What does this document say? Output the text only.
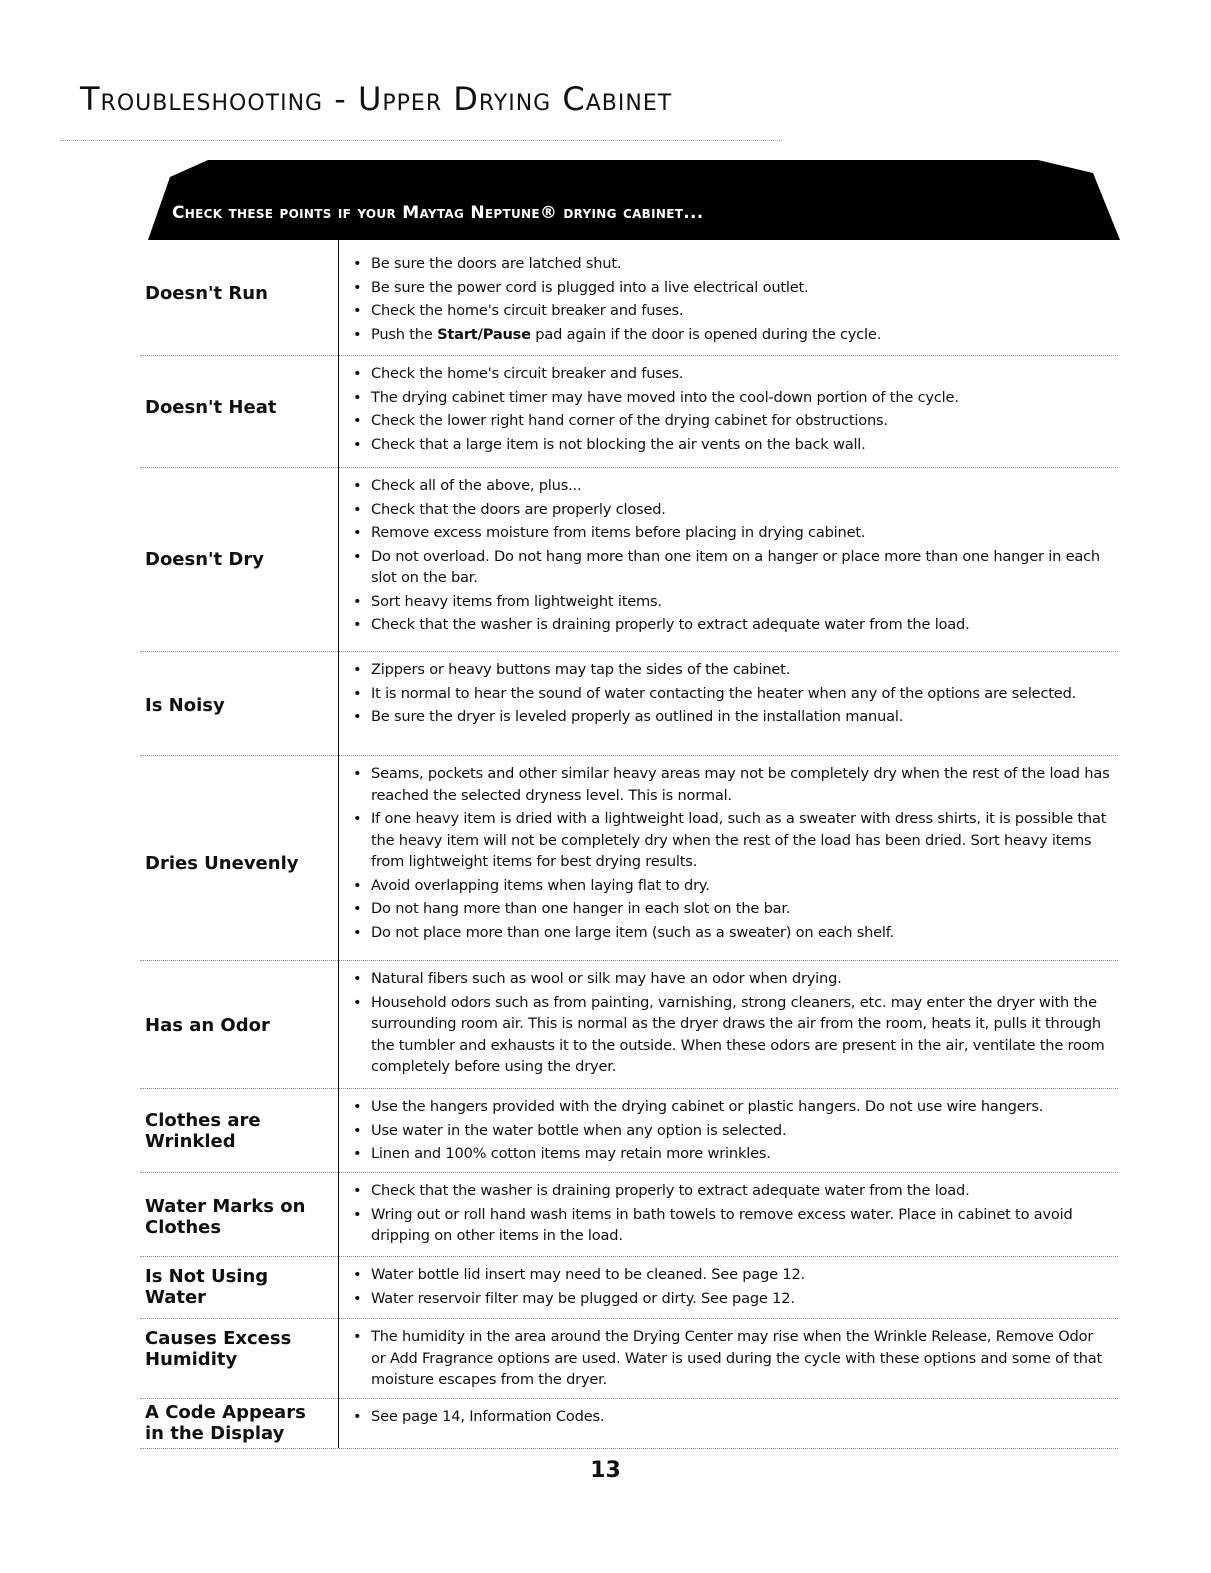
Troubleshooting - Upper Drying Cabinet
Check these points if your Maytag Neptune® drying cabinet...
Doesn't Run
• Be sure the doors are latched shut.
• Be sure the power cord is plugged into a live electrical outlet.
• Check the home's circuit breaker and fuses.
• Push the Start/Pause pad again if the door is opened during the cycle.
Doesn't Heat
• Check the home's circuit breaker and fuses.
• The drying cabinet timer may have moved into the cool-down portion of the cycle.
• Check the lower right hand corner of the drying cabinet for obstructions.
• Check that a large item is not blocking the air vents on the back wall.
Doesn't Dry
• Check all of the above, plus...
• Check that the doors are properly closed.
• Remove excess moisture from items before placing in drying cabinet.
• Do not overload. Do not hang more than one item on a hanger or place more than one hanger in each slot on the bar.
• Sort heavy items from lightweight items.
• Check that the washer is draining properly to extract adequate water from the load.
Is Noisy
• Zippers or heavy buttons may tap the sides of the cabinet.
• It is normal to hear the sound of water contacting the heater when any of the options are selected.
• Be sure the dryer is leveled properly as outlined in the installation manual.
Dries Unevenly
• Seams, pockets and other similar heavy areas may not be completely dry when the rest of the load has reached the selected dryness level. This is normal.
• If one heavy item is dried with a lightweight load, such as a sweater with dress shirts, it is possible that the heavy item will not be completely dry when the rest of the load has been dried. Sort heavy items from lightweight items for best drying results.
• Avoid overlapping items when laying flat to dry.
• Do not hang more than one hanger in each slot on the bar.
• Do not place more than one large item (such as a sweater) on each shelf.
Has an Odor
• Natural fibers such as wool or silk may have an odor when drying.
• Household odors such as from painting, varnishing, strong cleaners, etc. may enter the dryer with the surrounding room air. This is normal as the dryer draws the air from the room, heats it, pulls it through the tumbler and exhausts it to the outside. When these odors are present in the air, ventilate the room completely before using the dryer.
Clothes are Wrinkled
• Use the hangers provided with the drying cabinet or plastic hangers. Do not use wire hangers.
• Use water in the water bottle when any option is selected.
• Linen and 100% cotton items may retain more wrinkles.
Water Marks on Clothes
• Check that the washer is draining properly to extract adequate water from the load.
• Wring out or roll hand wash items in bath towels to remove excess water. Place in cabinet to avoid dripping on other items in the load.
Is Not Using Water
• Water bottle lid insert may need to be cleaned. See page 12.
• Water reservoir filter may be plugged or dirty. See page 12.
Causes Excess Humidity
• The humidity in the area around the Drying Center may rise when the Wrinkle Release, Remove Odor or Add Fragrance options are used. Water is used during the cycle with these options and some of that moisture escapes from the dryer.
A Code Appears in the Display
• See page 14, Information Codes.
13
